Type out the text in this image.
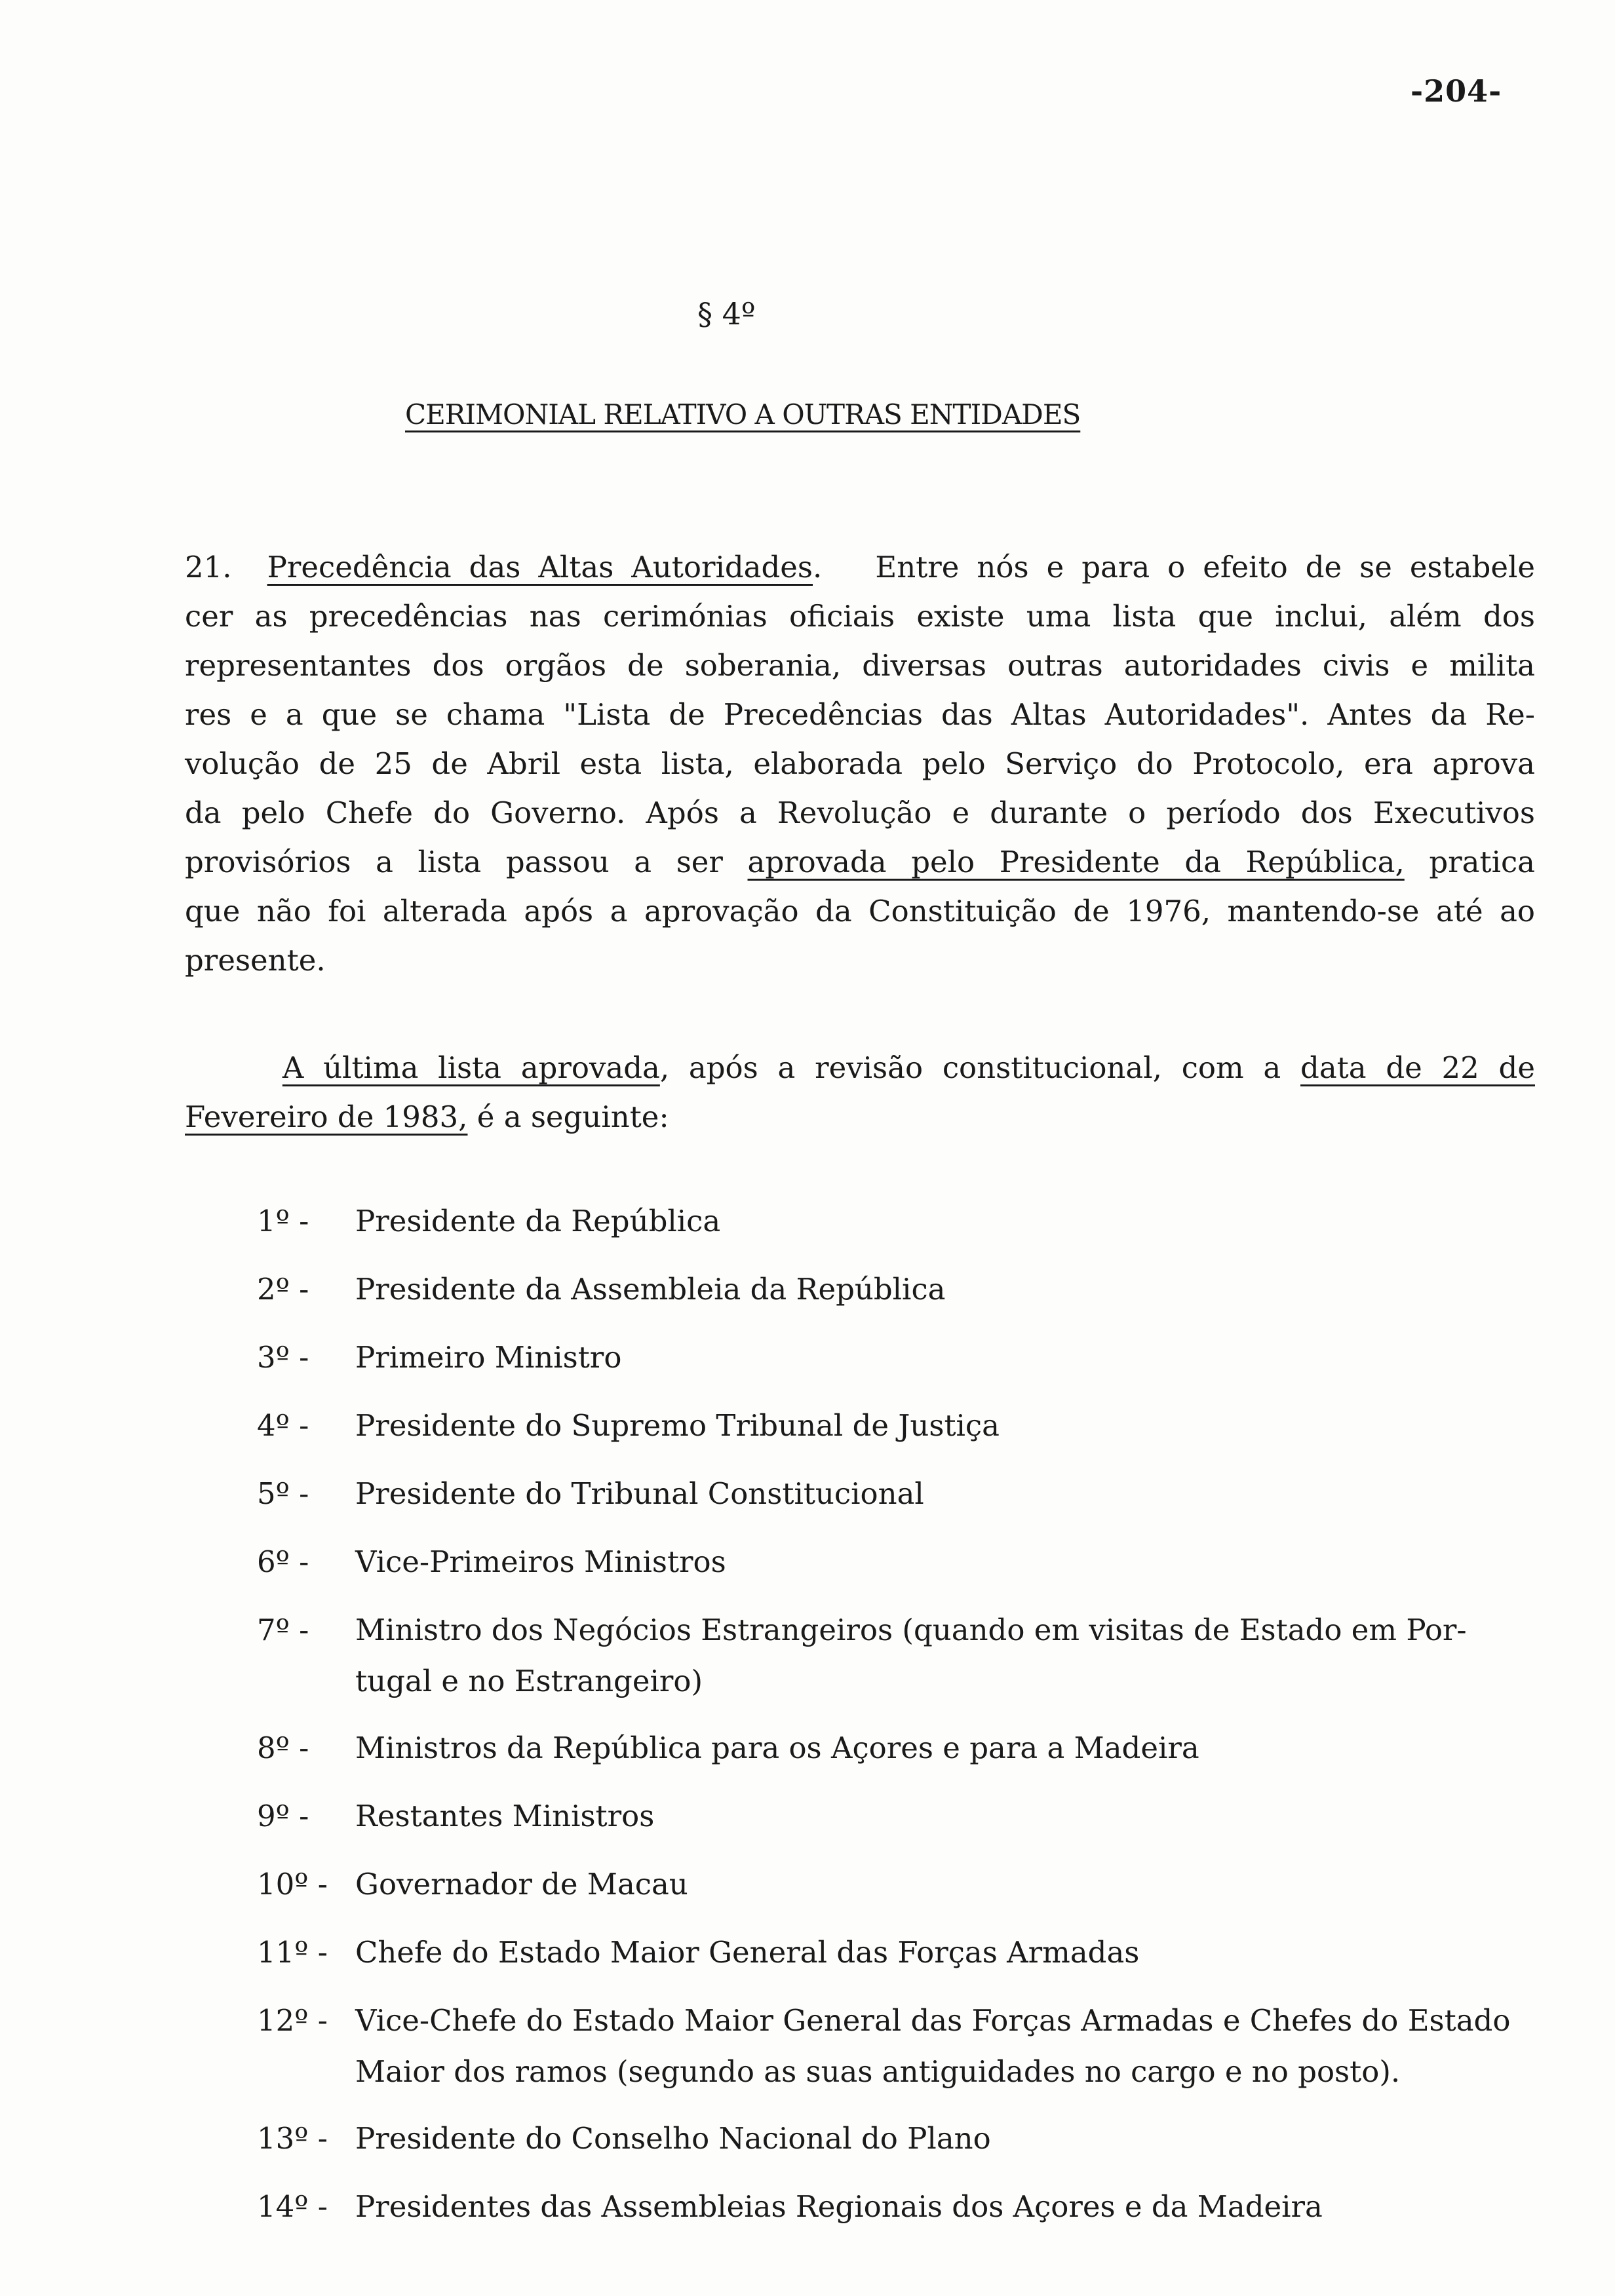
-204-
§ 4º
CERIMONIAL RELATIVO A OUTRAS ENTIDADES
21. Precedência das Altas Autoridades. Entre nós e para o efeito de se estabele
cer as precedências nas cerimónias oficiais existe uma lista que inclui, além dos
representantes dos orgãos de soberania, diversas outras autoridades civis e milita
res e a que se chama "Lista de Precedências das Altas Autoridades". Antes da Re-
volução de 25 de Abril esta lista, elaborada pelo Serviço do Protocolo, era aprova
da pelo Chefe do Governo. Após a Revolução e durante o período dos Executivos
provisórios a lista passou a ser aprovada pelo Presidente da República, pratica
que não foi alterada após a aprovação da Constituição de 1976, mantendo-se até ao
presente.
A última lista aprovada, após a revisão constitucional, com a data de 22 de
Fevereiro de 1983, é a seguinte:
1º -	Presidente da República
2º -	Presidente da Assembleia da República
3º -	Primeiro Ministro
4º -	Presidente do Supremo Tribunal de Justiça
5º -	Presidente do Tribunal Constitucional
6º -	Vice-Primeiros Ministros
7º -	Ministro dos Negócios Estrangeiros (quando em visitas de Estado em Por-
tugal e no Estrangeiro)
8º -	Ministros da República para os Açores e para a Madeira
9º -	Restantes Ministros
10º - Governador de Macau
11º - Chefe do Estado Maior General das Forças Armadas
12º - Vice-Chefe do Estado Maior General das Forças Armadas e Chefes do Estado
Maior dos ramos (segundo as suas antiguidades no cargo e no posto).
13º - Presidente do Conselho Nacional do Plano
14º - Presidentes das Assembleias Regionais dos Açores e da Madeira
